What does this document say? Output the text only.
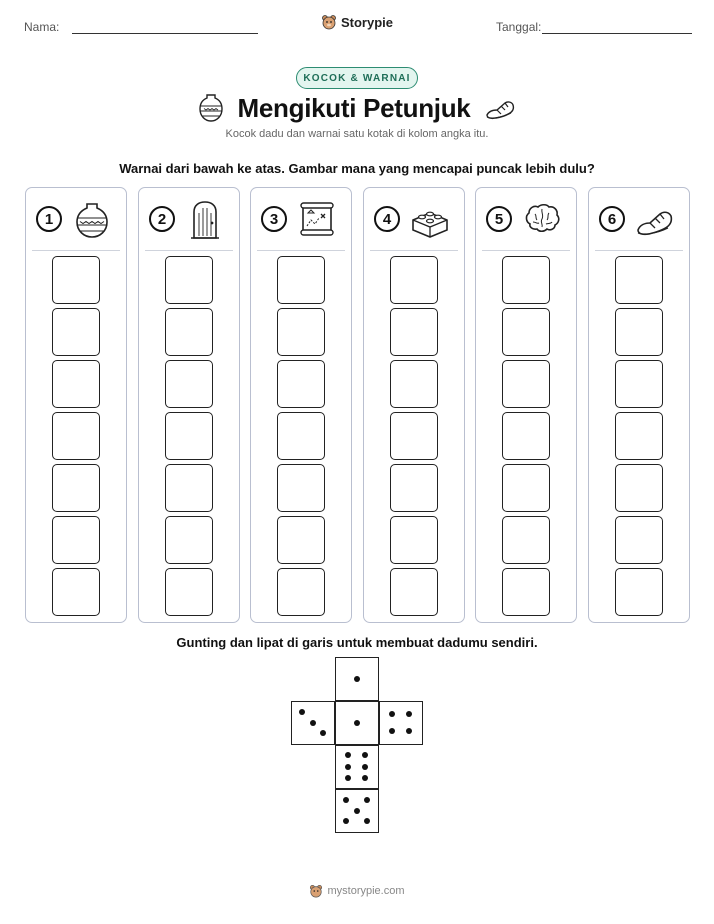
Nama:	Storypie	Tanggal:
KOCOK & WARNAI
Mengikuti Petunjuk
Kocok dadu dan warnai satu kotak di kolom angka itu.
Warnai dari bawah ke atas. Gambar mana yang mencapai puncak lebih dulu?
1	2	3	4	5	6
Gunting dan lipat di garis untuk membuat dadumu sendiri.
mystorypie.com
